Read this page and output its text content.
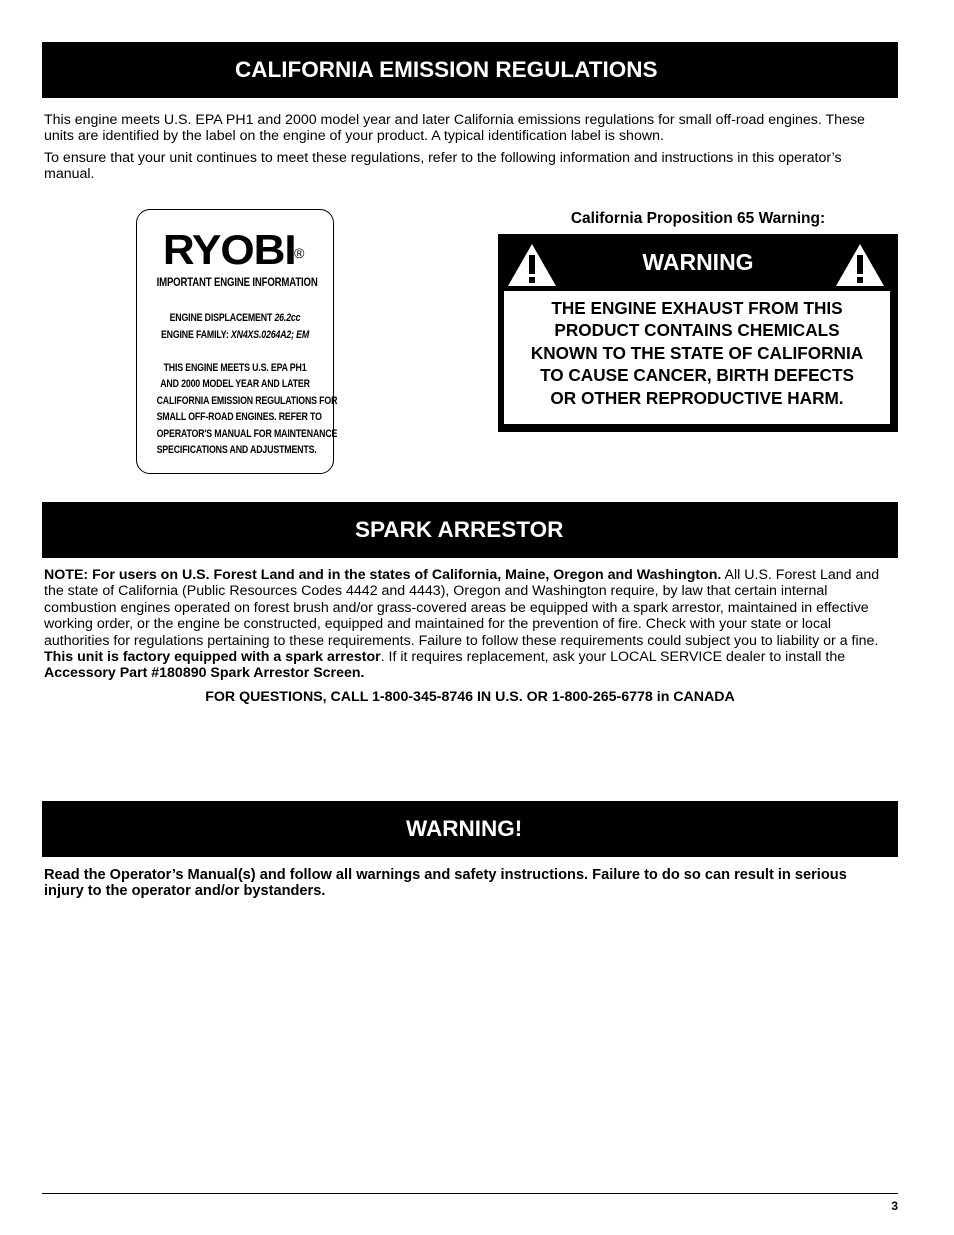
CALIFORNIA EMISSION REGULATIONS

This engine meets U.S. EPA PH1 and 2000 model year and later California emissions regulations for small off-road engines. These units are identified by the label on the engine of your product. A typical identification label is shown.

To ensure that your unit continues to meet these regulations, refer to the following information and instructions in this operator’s manual.

RYOBI®
IMPORTANT ENGINE INFORMATION
ENGINE DISPLACEMENT 26.2cc
ENGINE FAMILY: XN4XS.0264A2; EM
THIS ENGINE MEETS U.S. EPA PH1
AND 2000 MODEL YEAR AND LATER
CALIFORNIA EMISSION REGULATIONS FOR
SMALL OFF-ROAD ENGINES. REFER TO
OPERATOR'S MANUAL FOR MAINTENANCE
SPECIFICATIONS AND ADJUSTMENTS.
California Proposition 65 Warning:
WARNING
THE ENGINE EXHAUST FROM THIS
PRODUCT CONTAINS CHEMICALS
KNOWN TO THE STATE OF CALIFORNIA
TO CAUSE CANCER, BIRTH DEFECTS
OR OTHER REPRODUCTIVE HARM.
SPARK ARRESTOR

NOTE: For users on U.S. Forest Land and in the states of California, Maine, Oregon and Washington. All U.S. Forest Land and the state of California (Public Resources Codes 4442 and 4443), Oregon and Washington require, by law that certain internal combustion engines operated on forest brush and/or grass-covered areas be equipped with a spark arrestor, maintained in effective working order, or the engine be constructed, equipped and maintained for the prevention of fire. Check with your state or local authorities for regulations pertaining to these requirements. Failure to follow these requirements could subject you to liability or a fine. This unit is factory equipped with a spark arrestor. If it requires replacement, ask your LOCAL SERVICE dealer to install the Accessory Part #180890 Spark Arrestor Screen.

FOR QUESTIONS, CALL 1-800-345-8746 IN U.S. OR 1-800-265-6778 in CANADA
WARNING!

Read the Operator’s Manual(s) and follow all warnings and safety instructions. Failure to do so can result in serious injury to the operator and/or bystanders.

3
